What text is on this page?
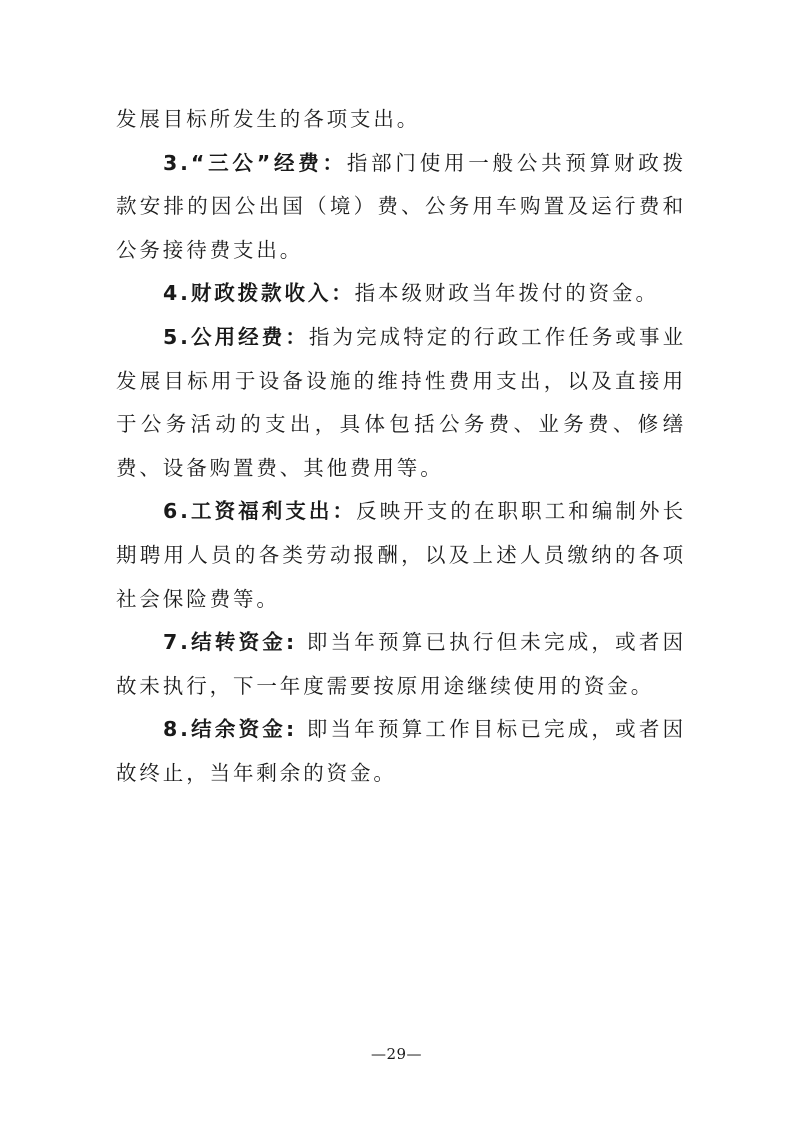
发展目标所发生的各项支出。

3.“三公”经费：指部门使用一般公共预算财政拨款安排的因公出国（境）费、公务用车购置及运行费和公务接待费支出。

4.财政拨款收入：指本级财政当年拨付的资金。

5.公用经费：指为完成特定的行政工作任务或事业发展目标用于设备设施的维持性费用支出，以及直接用于公务活动的支出，具体包括公务费、业务费、修缮费、设备购置费、其他费用等。

6.工资福利支出：反映开支的在职职工和编制外长期聘用人员的各类劳动报酬，以及上述人员缴纳的各项社会保险费等。

7.结转资金: 即当年预算已执行但未完成，或者因故未执行，下一年度需要按原用途继续使用的资金。

8.结余资金: 即当年预算工作目标已完成，或者因故终止，当年剩余的资金。

—29—
